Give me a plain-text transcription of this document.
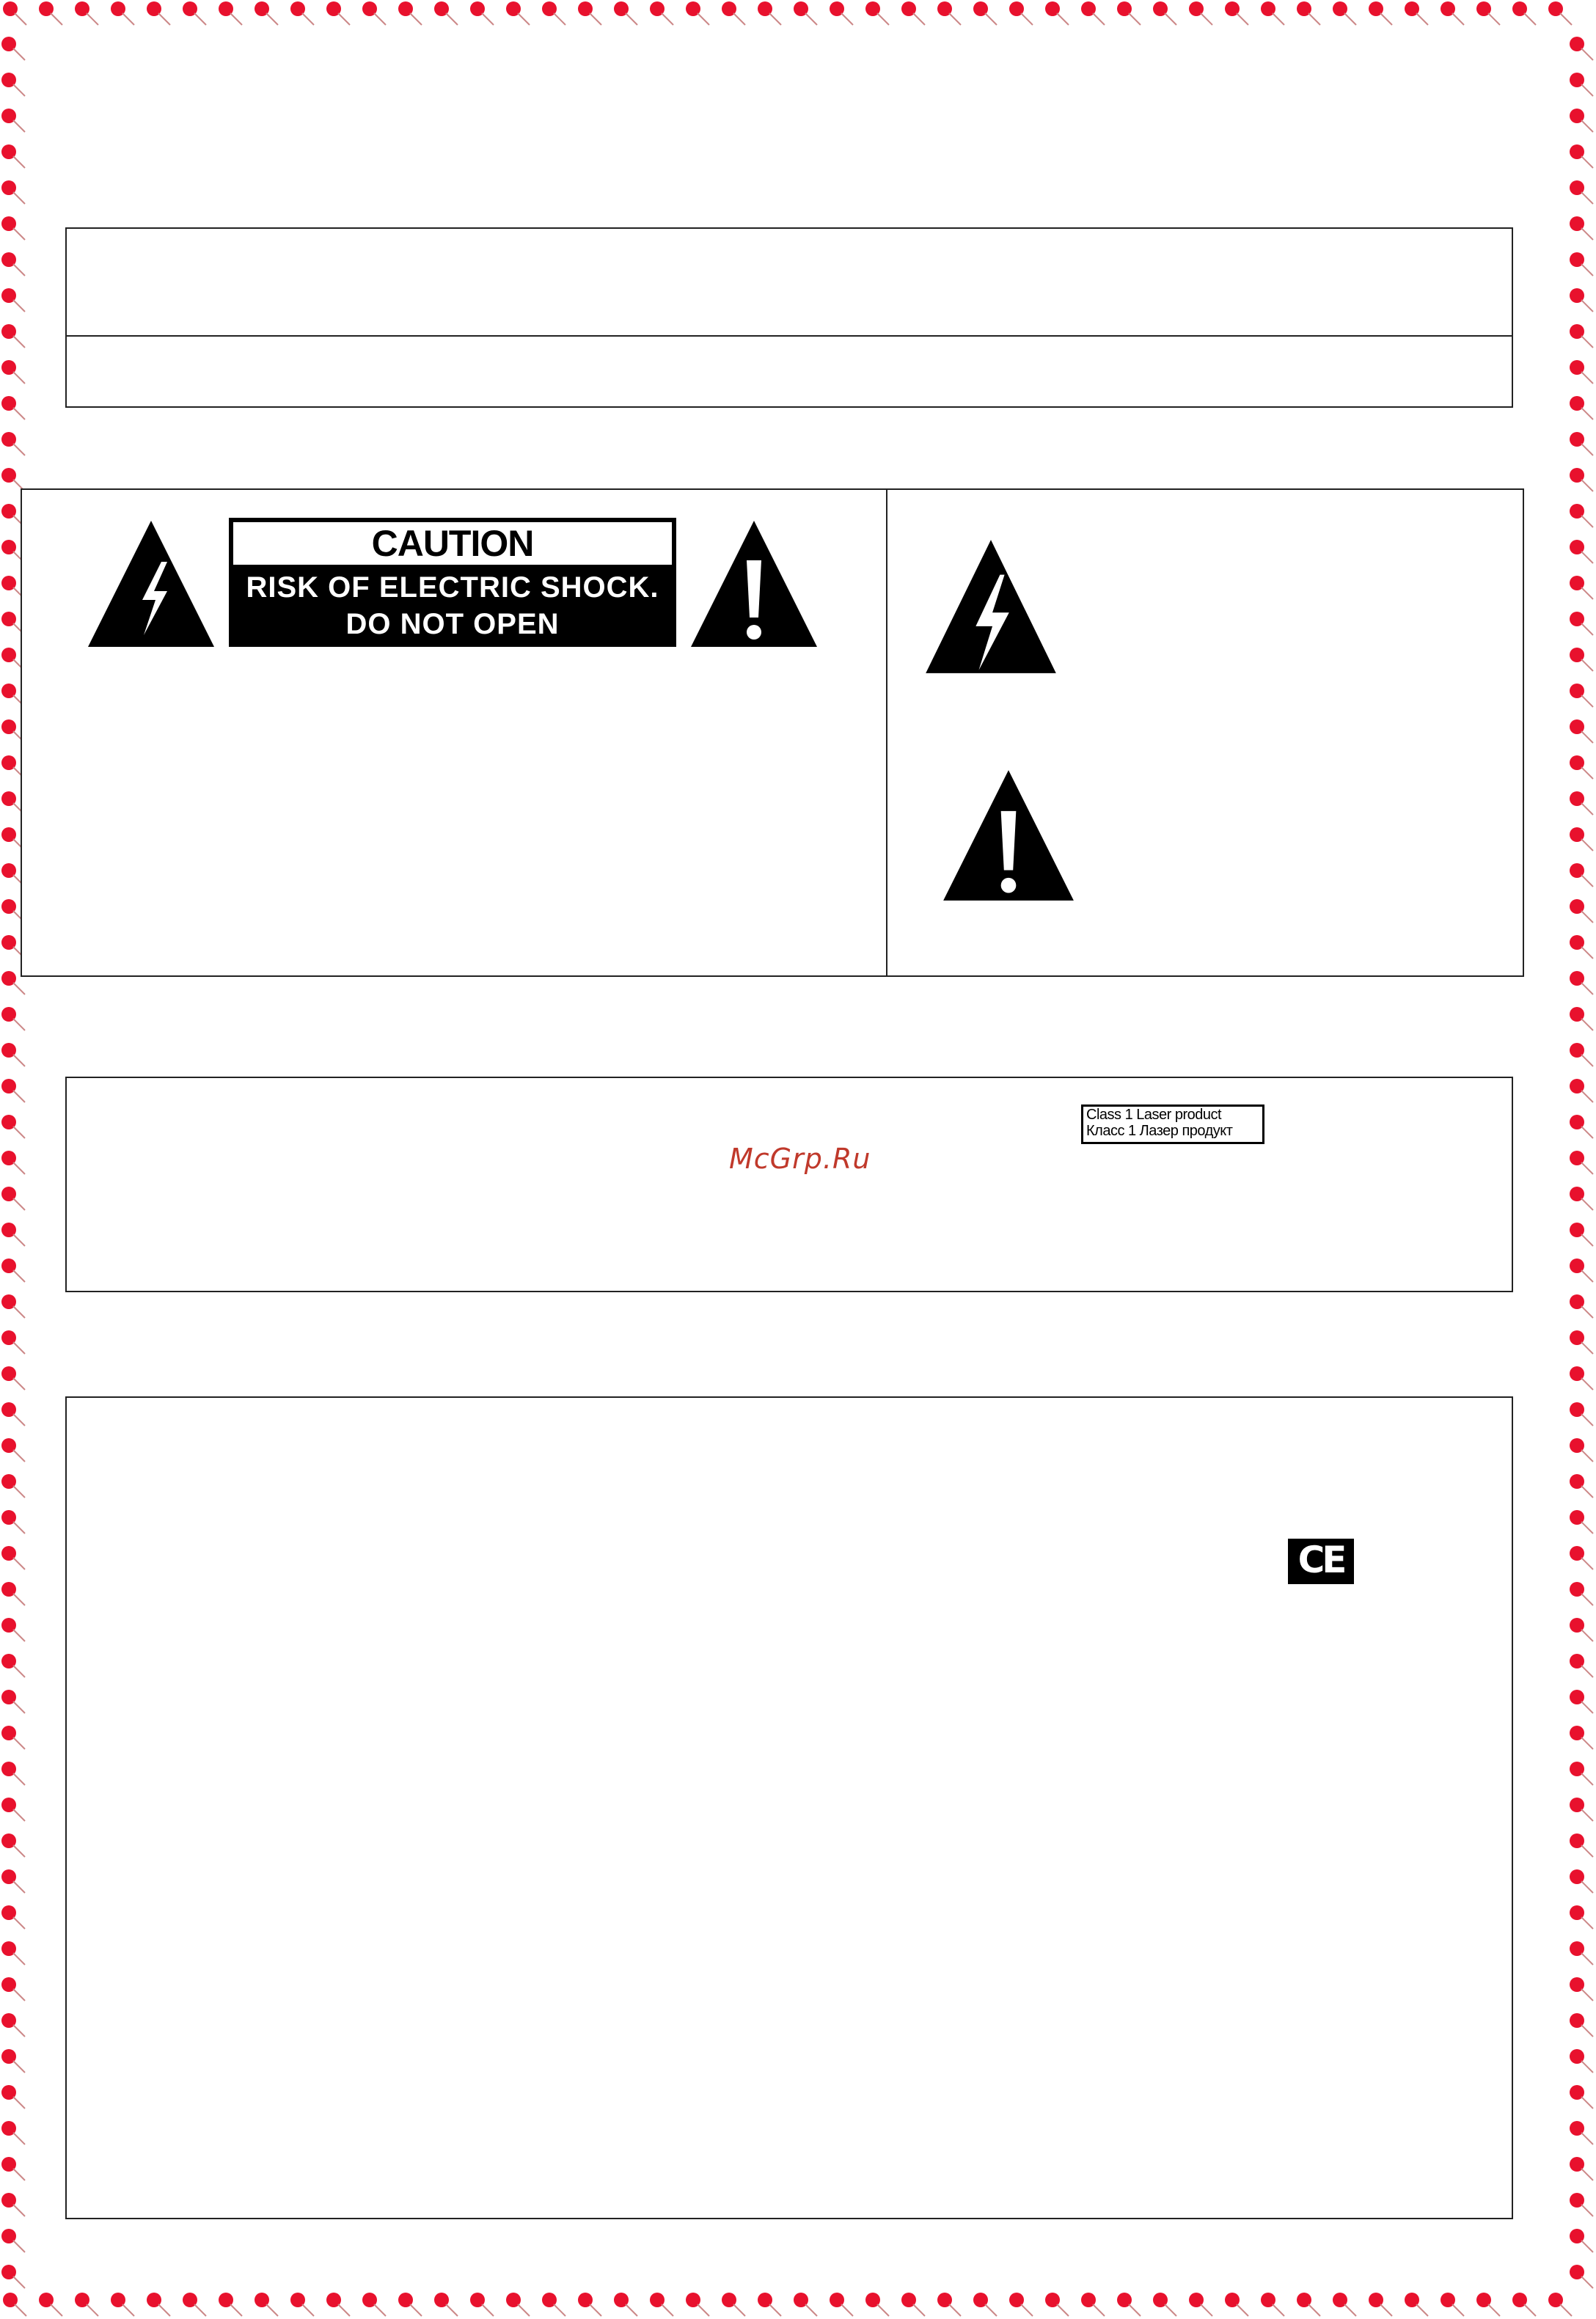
CAUTION
RISK OF ELECTRIC SHOCK.
DO NOT OPEN
Class 1 Laser product
Класс 1 Лазер продукт
McGrp.Ru
CE
